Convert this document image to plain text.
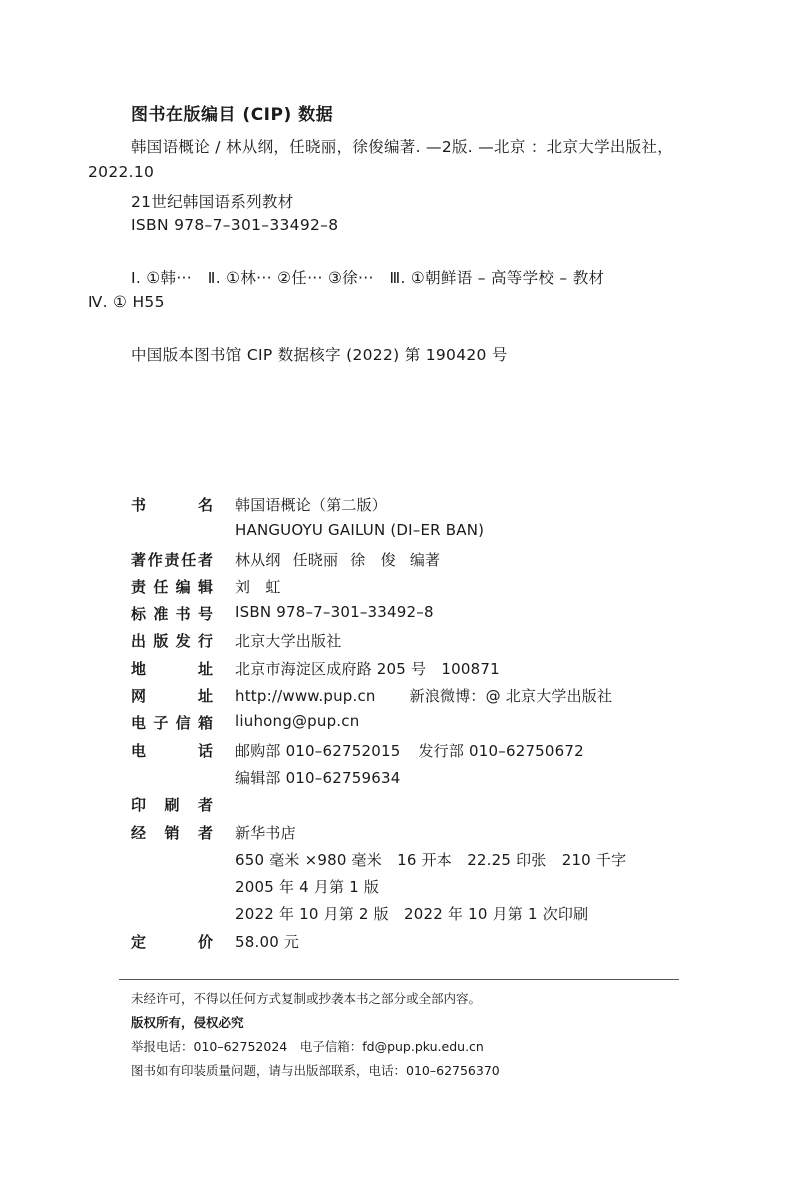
图书在版编目 (CIP) 数据
韩国语概论 / 林从纲，任晓丽，徐俊编著. —2版. —北京 ：北京大学出版社，
2022.10
21世纪韩国语系列教材
ISBN 978–7–301–33492–8
Ⅰ. ①韩···　Ⅱ. ①林··· ②任··· ③徐···　Ⅲ. ①朝鲜语 – 高等学校 – 教材
Ⅳ. ① H55
中国版本图书馆 CIP 数据核字 (2022) 第 190420 号
书	名 韩国语概论（第二版）
HANGUOYU GAILUN (DI–ER BAN)
著 作 责 任 者 林从纲 任晓丽 徐　俊 编著
责 任 编 辑 刘　虹
标 准 书 号 ISBN 978–7–301–33492–8
出 版 发 行 北京大学出版社
地	址 北京市海淀区成府路 205 号　100871
网	址 http://www.pup.cn 新浪微博：@ 北京大学出版社
电 子 信 箱 liuhong@pup.cn
电	话 邮购部 010–62752015 发行部 010–62750672
编辑部 010–62759634
印 刷 者
经 销 者 新华书店
650 毫米 ×980 毫米　16 开本　22.25 印张　210 千字
2005 年 4 月第 1 版
2022 年 10 月第 2 版　2022 年 10 月第 1 次印刷
定	价 58.00 元
未经许可，不得以任何方式复制或抄袭本书之部分或全部内容。
版权所有，侵权必究
举报电话：010–62752024　电子信箱：fd@pup.pku.edu.cn
图书如有印装质量问题，请与出版部联系，电话：010–62756370
